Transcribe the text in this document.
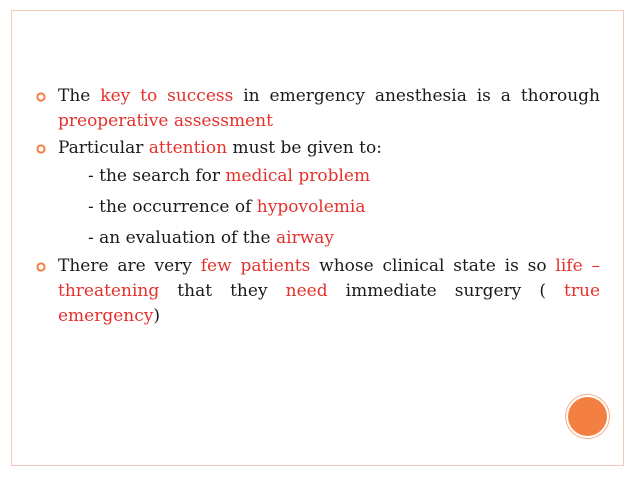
The key to success in emergency anesthesia is a thorough preoperative assessment

Particular attention must be given to:

- the search for medical problem

- the occurrence of hypovolemia

- an evaluation of the airway

There are very few patients whose clinical state is so life – threatening that they need immediate surgery ( true emergency)
